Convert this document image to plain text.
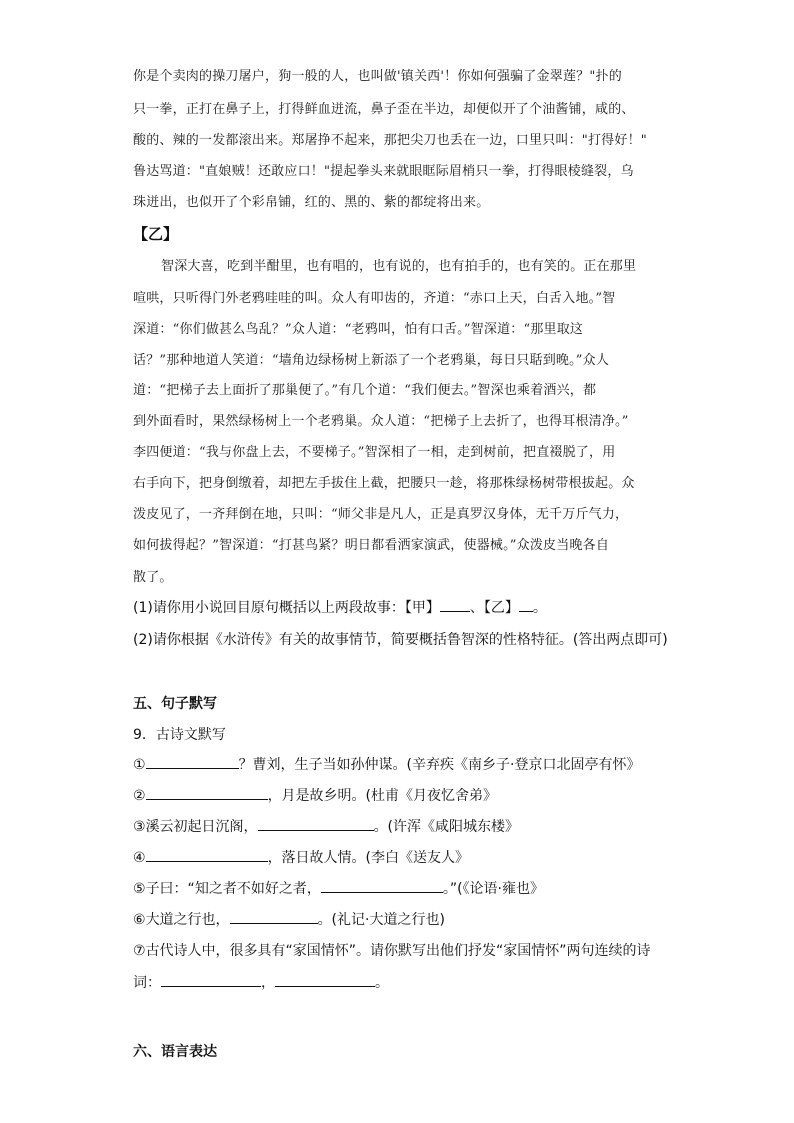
你是个卖肉的操刀屠户，狗一般的人，也叫做'镇关西'！你如何强骗了金翠莲？"扑的
只一拳，正打在鼻子上，打得鲜血迸流，鼻子歪在半边，却便似开了个油酱铺，咸的、
酸的、辣的一发都滚出来。郑屠挣不起来，那把尖刀也丢在一边，口里只叫："打得好！"
鲁达骂道："直娘贼！还敢应口！"提起拳头来就眼眶际眉梢只一拳，打得眼棱缝裂，乌
珠迸出，也似开了个彩帛铺，红的、黑的、紫的都绽将出来。
【乙】
智深大喜，吃到半酣里，也有唱的，也有说的，也有拍手的，也有笑的。正在那里
喧哄，只听得门外老鸦哇哇的叫。众人有叩齿的，齐道：“赤口上天，白舌入地。”智
深道：“你们做甚么鸟乱？”众人道：“老鸦叫，怕有口舌。”智深道：“那里取这
话？”那种地道人笑道：“墙角边绿杨树上新添了一个老鸦巢，每日只聒到晚。”众人
道：“把梯子去上面折了那巢便了。”有几个道：“我们便去。”智深也乘着酒兴，都
到外面看时，果然绿杨树上一个老鸦巢。众人道：“把梯子上去折了，也得耳根清净。”
李四便道：“我与你盘上去，不要梯子。”智深相了一相，走到树前，把直裰脱了，用
右手向下，把身倒缴着，却把左手拔住上截，把腰只一趁，将那株绿杨树带根拔起。众
泼皮见了，一齐拜倒在地，只叫：“师父非是凡人，正是真罗汉身体，无千万斤气力，
如何拔得起？”智深道：“打甚鸟紧？明日都看洒家演武，使器械。”众泼皮当晚各自
散了。
(1)请你用小说回目原句概括以上两段故事：【甲】 、【乙】 。
(2)请你根据《水浒传》有关的故事情节，简要概括鲁智深的性格特征。(答出两点即可)
五、句子默写
9．古诗文默写
①	？曹刘，生子当如孙仲谋。(辛弃疾《南乡子·登京口北固亭有怀》
②	，月是故乡明。(杜甫《月夜忆舍弟》
③溪云初起日沉阁，	。(许浑《咸阳城东楼》
④	，落日故人情。(李白《送友人》
⑤子曰：“知之者不如好之者，	。”(《论语·雍也》
⑥大道之行也，	。(礼记·大道之行也)
⑦古代诗人中，很多具有“家国情怀”。请你默写出他们抒发“家国情怀”两句连续的诗
词：	，	。
六、语言表达
